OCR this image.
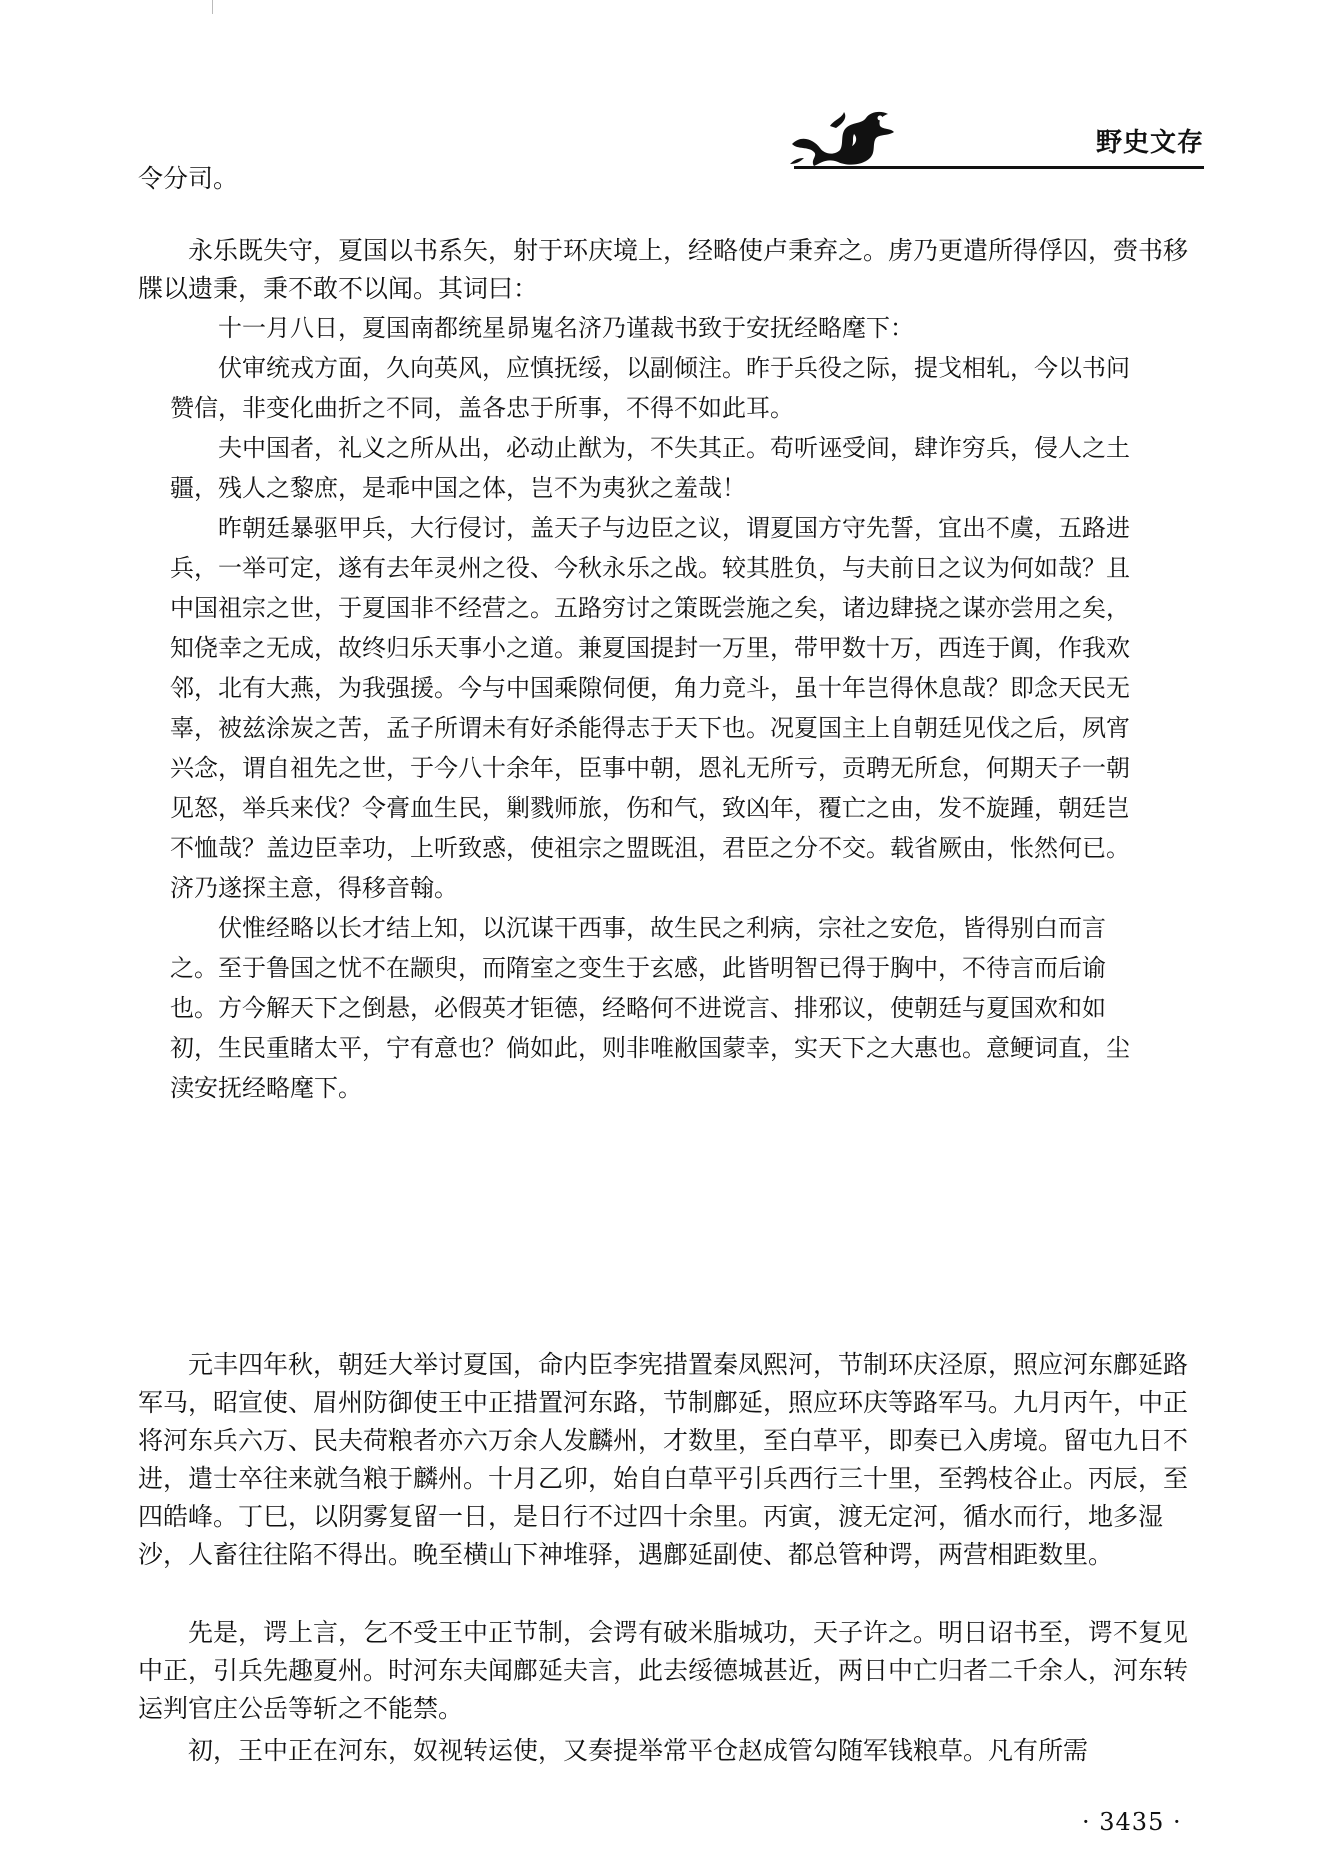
野史文存

令分司。

永乐既失守，夏国以书系矢，射于环庆境上，经略使卢秉弃之。虏乃更遣所得俘囚，赍书移牒以遗秉，秉不敢不以闻。其词曰：

十一月八日，夏国南都统星昴嵬名济乃谨裁书致于安抚经略麾下：

伏审统戎方面，久向英风，应慎抚绥，以副倾注。昨于兵役之际，提戈相轧，今以书问赞信，非变化曲折之不同，盖各忠于所事，不得不如此耳。

夫中国者，礼义之所从出，必动止猷为，不失其正。苟听诬受间，肆诈穷兵，侵人之土疆，残人之黎庶，是乖中国之体，岂不为夷狄之羞哉！

昨朝廷暴驱甲兵，大行侵讨，盖天子与边臣之议，谓夏国方守先誓，宜出不虞，五路进兵，一举可定，遂有去年灵州之役、今秋永乐之战。较其胜负，与夫前日之议为何如哉？且中国祖宗之世，于夏国非不经营之。五路穷讨之策既尝施之矣，诸边肆挠之谋亦尝用之矣，知侥幸之无成，故终归乐天事小之道。兼夏国提封一万里，带甲数十万，西连于阗，作我欢邻，北有大燕，为我强援。今与中国乘隙伺便，角力竞斗，虽十年岂得休息哉？即念天民无辜，被兹涂炭之苦，孟子所谓未有好杀能得志于天下也。况夏国主上自朝廷见伐之后，夙宵兴念，谓自祖先之世，于今八十余年，臣事中朝，恩礼无所亏，贡聘无所怠，何期天子一朝见怒，举兵来伐？令膏血生民，剿戮师旅，伤和气，致凶年，覆亡之由，发不旋踵，朝廷岂不恤哉？盖边臣幸功，上听致惑，使祖宗之盟既沮，君臣之分不交。载省厥由，怅然何已。济乃遂探主意，得移音翰。

伏惟经略以长才结上知，以沉谋干西事，故生民之利病，宗社之安危，皆得别白而言之。至于鲁国之忧不在颛臾，而隋室之变生于玄感，此皆明智已得于胸中，不待言而后谕也。方今解天下之倒悬，必假英才钜德，经略何不进谠言、排邪议，使朝廷与夏国欢和如初，生民重睹太平，宁有意也？倘如此，则非唯敝国蒙幸，实天下之大惠也。意鲠词直，尘渎安抚经略麾下。

元丰四年秋，朝廷大举讨夏国，命内臣李宪措置秦凤熙河，节制环庆泾原，照应河东鄜延路军马，昭宣使、眉州防御使王中正措置河东路，节制鄜延，照应环庆等路军马。九月丙午，中正将河东兵六万、民夫荷粮者亦六万余人发麟州，才数里，至白草平，即奏已入虏境。留屯九日不进，遣士卒往来就刍粮于麟州。十月乙卯，始自白草平引兵西行三十里，至鹁枝谷止。丙辰，至四皓峰。丁巳，以阴雾复留一日，是日行不过四十余里。丙寅，渡无定河，循水而行，地多湿沙，人畜往往陷不得出。晚至横山下神堆驿，遇鄜延副使、都总管种谔，两营相距数里。

先是，谔上言，乞不受王中正节制，会谔有破米脂城功，天子许之。明日诏书至，谔不复见中正，引兵先趣夏州。时河东夫闻鄜延夫言，此去绥德城甚近，两日中亡归者二千余人，河东转运判官庄公岳等斩之不能禁。

初，王中正在河东，奴视转运使，又奏提举常平仓赵成管勾随军钱粮草。凡有所需

· 3435 ·
